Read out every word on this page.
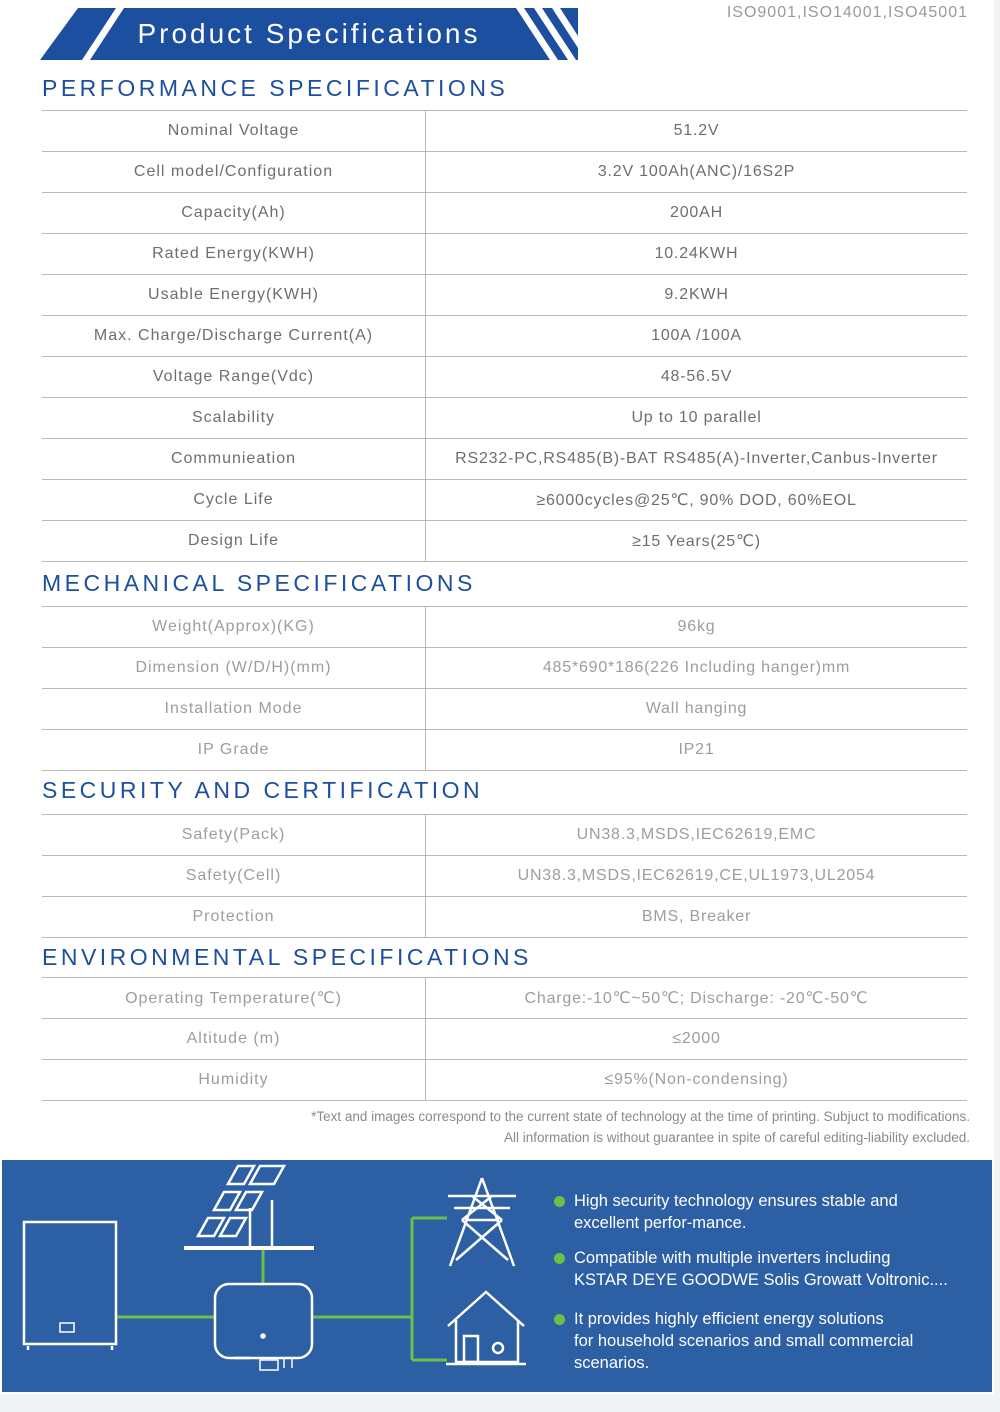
Product Specifications
ISO9001,ISO14001,ISO45001
PERFORMANCE SPECIFICATIONS
Nominal Voltage	51.2V
Cell model/Configuration	3.2V 100Ah(ANC)/16S2P
Capacity(Ah)	200AH
Rated Energy(KWH)	10.24KWH
Usable Energy(KWH)	9.2KWH
Max. Charge/Discharge Current(A)	100A /100A
Voltage Range(Vdc)	48-56.5V
Scalability	Up to 10 parallel
Communieation	RS232-PC,RS485(B)-BAT RS485(A)-Inverter,Canbus-Inverter
Cycle Life	≥6000cycles@25℃, 90% DOD, 60%EOL
Design Life	≥15 Years(25℃)
MECHANICAL SPECIFICATIONS
Weight(Approx)(KG)	96kg
Dimension (W/D/H)(mm)	485*690*186(226 Including hanger)mm
Installation Mode	Wall hanging
IP Grade	IP21
SECURITY AND CERTIFICATION
Safety(Pack)	UN38.3,MSDS,IEC62619,EMC
Safety(Cell)	UN38.3,MSDS,IEC62619,CE,UL1973,UL2054
Protection	BMS, Breaker
ENVIRONMENTAL SPECIFICATIONS
Operating Temperature(℃)	Charge:-10℃~50℃; Discharge: -20℃-50℃
Altitude (m)	≤2000
Humidity	≤95%(Non-condensing)
*Text and images correspond to the current state of technology at the time of printing. Subjuct to modifications.
All information is without guarantee in spite of careful editing-liability excluded.
High security technology ensures stable and
excellent perfor-mance.
Compatible with multiple inverters including
KSTAR DEYE GOODWE Solis Growatt Voltronic....
It provides highly efficient energy solutions
for household scenarios and small commercial
scenarios.
